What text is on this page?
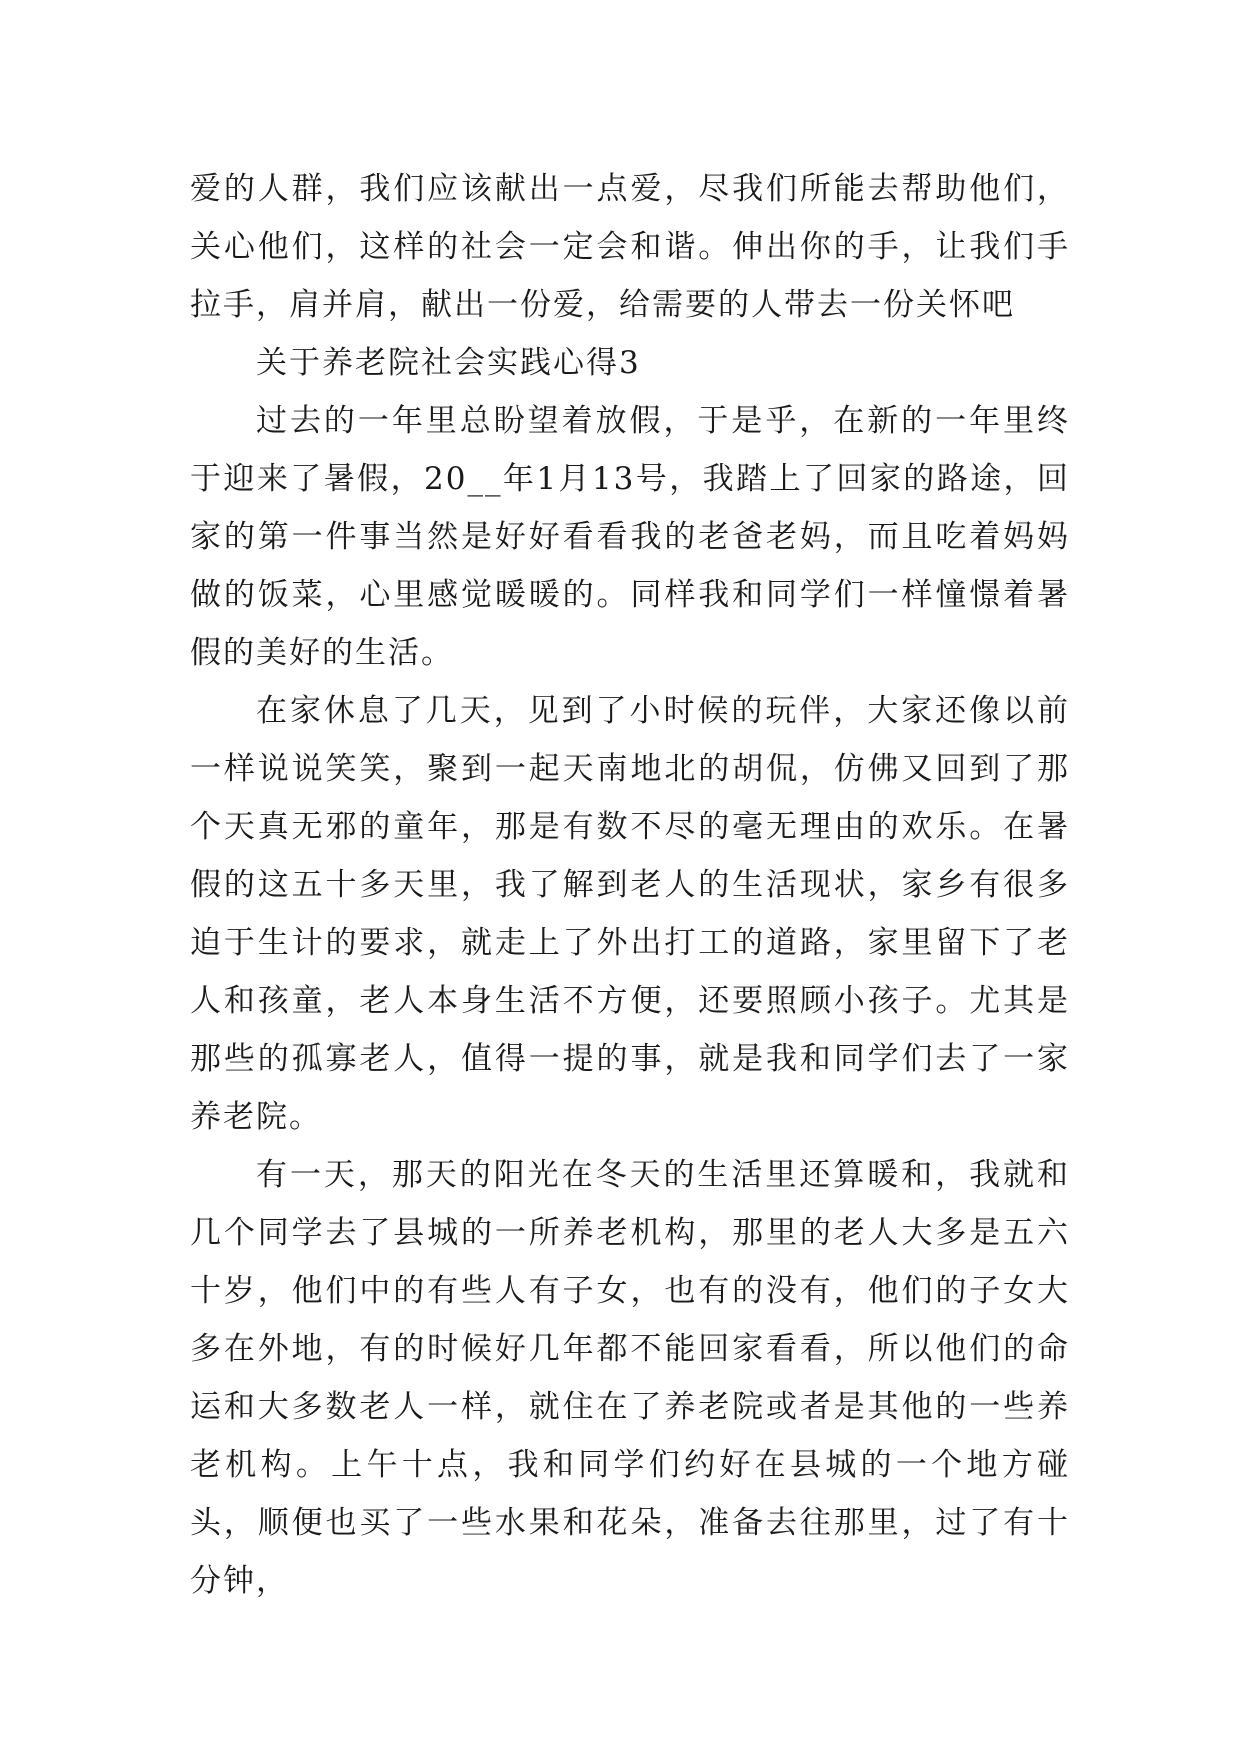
爱的人群，我们应该献出一点爱，尽我们所能去帮助他们，关心他们，这样的社会一定会和谐。伸出你的手，让我们手拉手，肩并肩，献出一份爱，给需要的人带去一份关怀吧

关于养老院社会实践心得3

过去的一年里总盼望着放假，于是乎，在新的一年里终于迎来了暑假，20__年1月13号，我踏上了回家的路途，回家的第一件事当然是好好看看我的老爸老妈，而且吃着妈妈做的饭菜，心里感觉暖暖的。同样我和同学们一样憧憬着暑假的美好的生活。

在家休息了几天，见到了小时候的玩伴，大家还像以前一样说说笑笑，聚到一起天南地北的胡侃，仿佛又回到了那个天真无邪的童年，那是有数不尽的毫无理由的欢乐。在暑假的这五十多天里，我了解到老人的生活现状，家乡有很多迫于生计的要求，就走上了外出打工的道路，家里留下了老人和孩童，老人本身生活不方便，还要照顾小孩子。尤其是那些的孤寡老人，值得一提的事，就是我和同学们去了一家养老院。

有一天，那天的阳光在冬天的生活里还算暖和，我就和几个同学去了县城的一所养老机构，那里的老人大多是五六十岁，他们中的有些人有子女，也有的没有，他们的子女大多在外地，有的时候好几年都不能回家看看，所以他们的命运和大多数老人一样，就住在了养老院或者是其他的一些养老机构。上午十点，我和同学们约好在县城的一个地方碰头，顺便也买了一些水果和花朵，准备去往那里，过了有十分钟，
